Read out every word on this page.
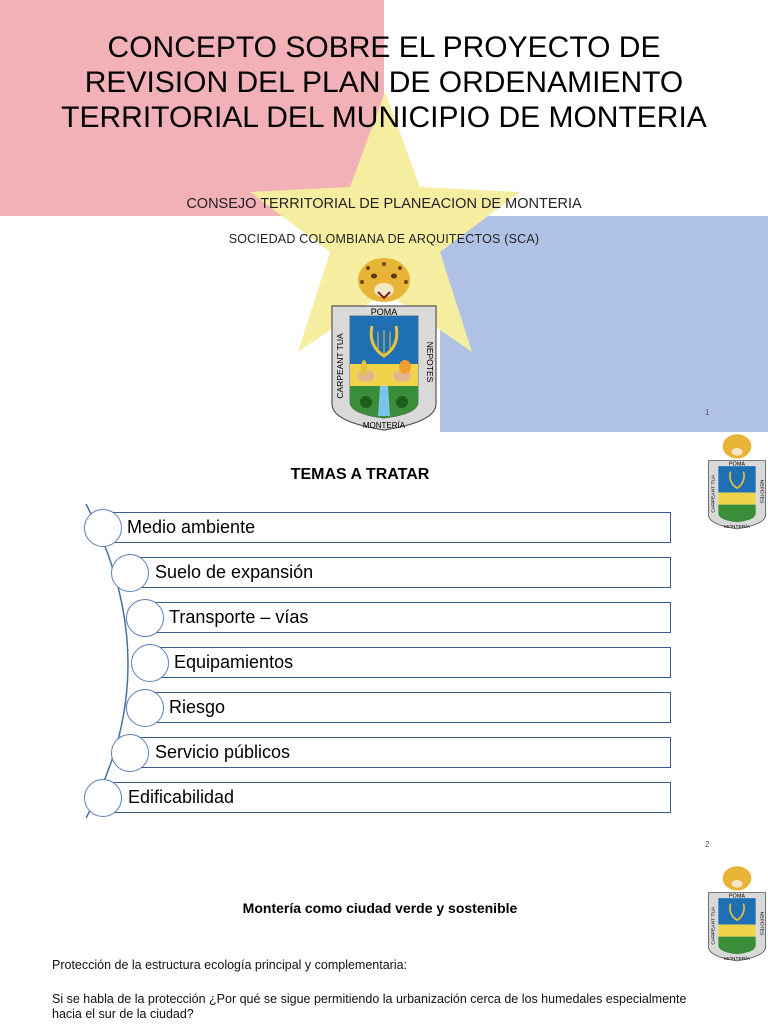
CONCEPTO SOBRE EL PROYECTO DE REVISION DEL PLAN DE ORDENAMIENTO TERRITORIAL DEL MUNICIPIO DE MONTERIA
CONSEJO TERRITORIAL DE PLANEACION DE MONTERIA
SOCIEDAD COLOMBIANA DE ARQUITECTOS (SCA)
POMA
CARPEANT TUA	NEPOTES
MONTERÍA
1
POMA
CARPEANT TUA	NEPOTES
MONTERÍA
TEMAS A TRATAR
Medio ambiente
Suelo de expansión
Transporte – vías
Equipamientos
Riesgo
Servicio públicos
Edificabilidad
2
POMA
CARPEANT TUA	NEPOTES
MONTERÍA
Montería como ciudad verde y sostenible
Protección de la estructura ecología principal y complementaria:
Si se habla de la protección ¿Por qué se sigue permitiendo la urbanización cerca de los humedales especialmente hacia el sur de la ciudad?
